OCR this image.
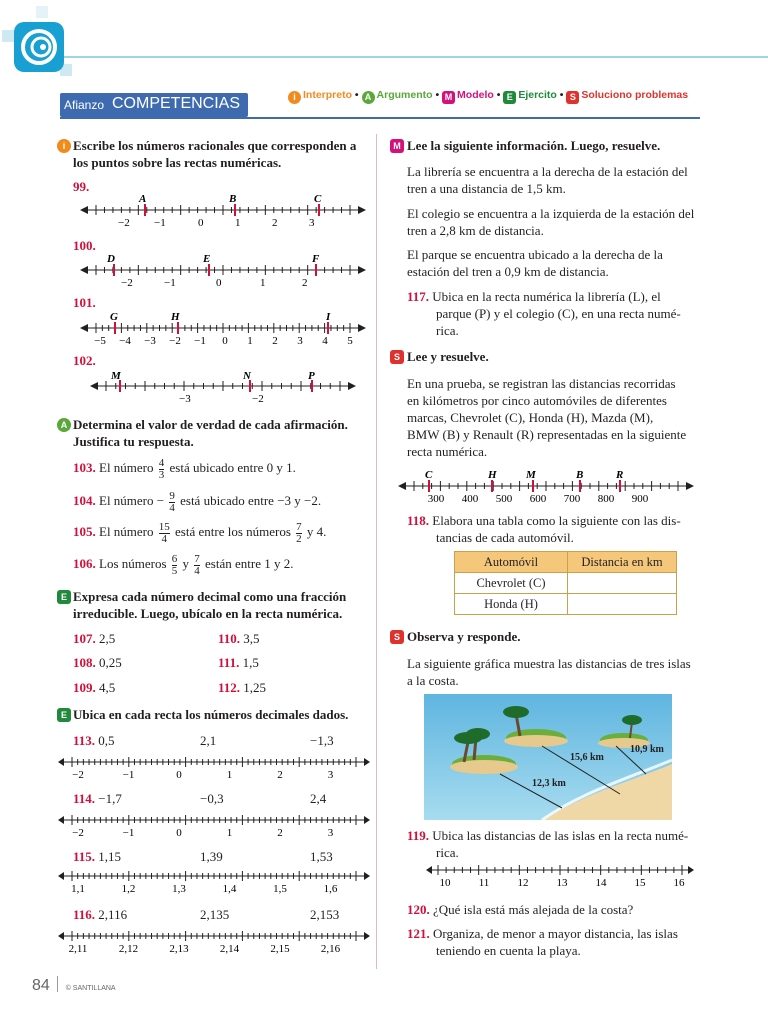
Afianzo COMPETENCIAS	i Interpreto • A Argumento • M Modelo • E Ejercito • S Soluciono problemas
i Escribe los números racionales que corresponden a
los puntos sobre las rectas numéricas.
99.
A	B	C
−2 −1	0	1	2	3
100.
D	E	F
−2	−1	0	1	2
101.
G	H	I
−5 −4 −3 −2 −1 0 1 2 3 4 5
102.
M	N	P
−3	−2
A Determina el valor de verdad de cada afirmación.
Justifica tu respuesta.
103. El número $\frac{4}{3}$ está ubicado entre 0 y 1.
104. El número − $\frac{9}{4}$ está ubicado entre −3 y −2.
105. El número $\frac{15}{4}$ está entre los números $\frac{7}{2}$ y 4.
106. Los números $\frac{6}{5}$ y $\frac{7}{4}$ están entre 1 y 2.
E Expresa cada número decimal como una fracción
irreducible. Luego, ubícalo en la recta numérica.
107. 2,5	110. 3,5
108. 0,25	111. 1,5
109. 4,5	112. 1,25
E Ubica en cada recta los números decimales dados.
113. 0,5	2,1	−1,3
−2	−1	0	1	2	3
114. −1,7	−0,3	2,4
−2	−1	0	1	2	3
115. 1,15	1,39	1,53
1,1	1,2	1,3	1,4	1,5	1,6
116. 2,116	2,135	2,153
2,11	2,12	2,13	2,14	2,15	2,16
M Lee la siguiente información. Luego, resuelve.
La librería se encuentra a la derecha de la estación del
tren a una distancia de 1,5 km.
El colegio se encuentra a la izquierda de la estación del
tren a 2,8 km de distancia.
El parque se encuentra ubicado a la derecha de la
estación del tren a 0,9 km de distancia.
117. Ubica en la recta numérica la librería (L), el
parque (P) y el colegio (C), en una recta numé-
rica.
S Lee y resuelve.
En una prueba, se registran las distancias recorridas
en kilómetros por cinco automóviles de diferentes
marcas, Chevrolet (C), Honda (H), Mazda (M),
BMW (B) y Renault (R) representadas en la siguiente
recta numérica.
C	H	M	B	R
300 400 500 600 700 800 900
118. Elabora una tabla como la siguiente con las dis-
tancias de cada automóvil.
Automóvil	Distancia en km
Chevrolet (C)	
Honda (H)	
S Observa y responde.
La siguiente gráfica muestra las distancias de tres islas
a la costa.
15,6 km
10,9 km
12,3 km
119. Ubica las distancias de las islas en la recta numé-
rica.
10	11	12	13	14	15	16
120. ¿Qué isla está más alejada de la costa?
121. Organiza, de menor a mayor distancia, las islas
teniendo en cuenta la playa.
84 © SANTILLANA
